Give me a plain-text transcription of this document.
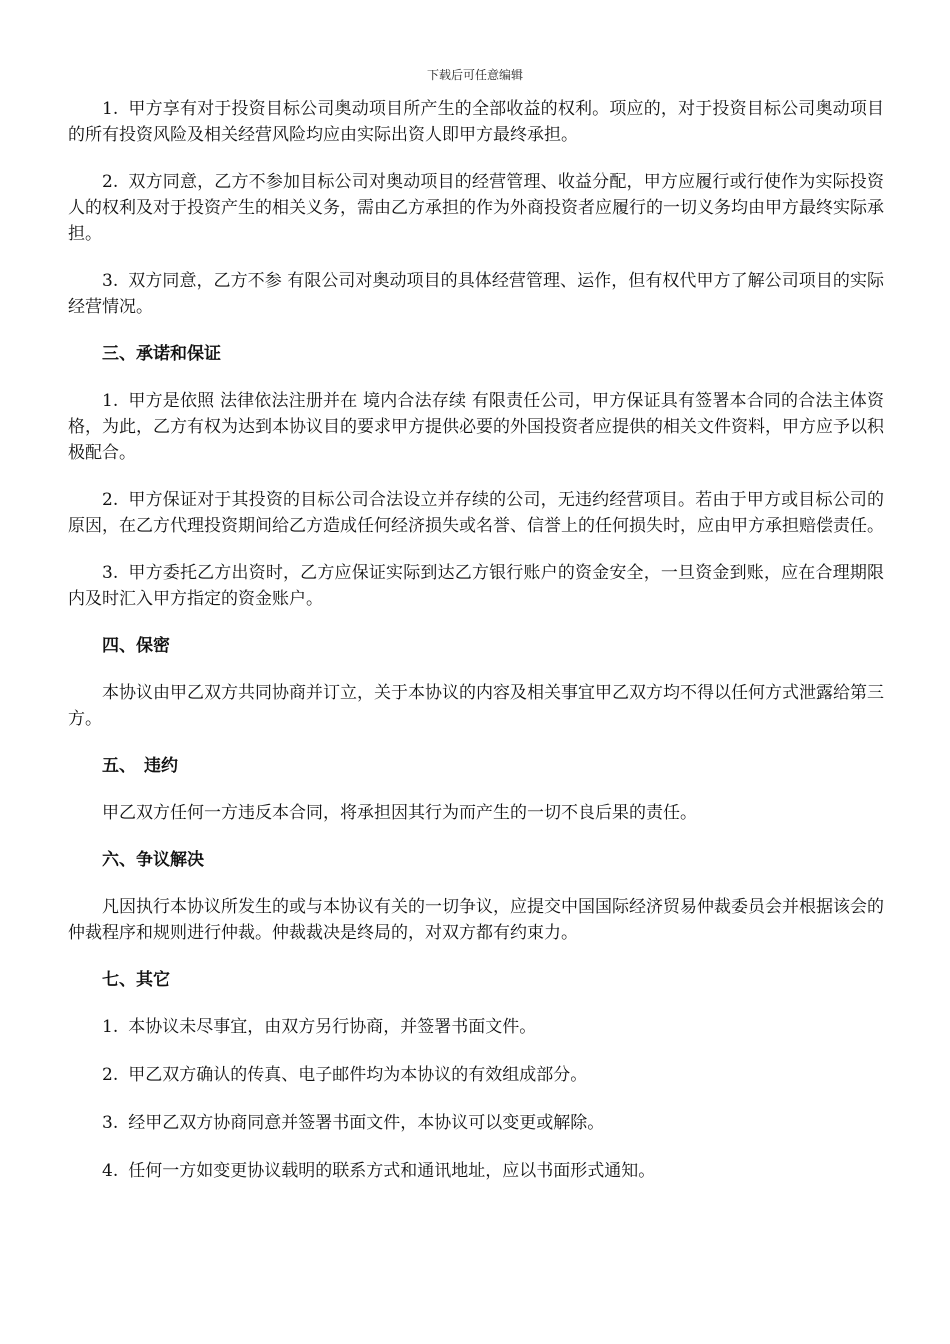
下载后可任意编辑

1. 甲方享有对于投资目标公司奥动项目所产生的全部收益的权利。项应的，对于投资目标公司奥动项目的所有投资风险及相关经营风险均应由实际出资人即甲方最终承担。

2. 双方同意，乙方不参加目标公司对奥动项目的经营管理、收益分配，甲方应履行或行使作为实际投资人的权利及对于投资产生的相关义务，需由乙方承担的作为外商投资者应履行的一切义务均由甲方最终实际承担。

3. 双方同意，乙方不参 有限公司对奥动项目的具体经营管理、运作，但有权代甲方了解公司项目的实际经营情况。

三、承诺和保证

1. 甲方是依照 法律依法注册并在 境内合法存续 有限责任公司，甲方保证具有签署本合同的合法主体资格，为此，乙方有权为达到本协议目的要求甲方提供必要的外国投资者应提供的相关文件资料，甲方应予以积极配合。

2. 甲方保证对于其投资的目标公司合法设立并存续的公司，无违约经营项目。若由于甲方或目标公司的原因，在乙方代理投资期间给乙方造成任何经济损失或名誉、信誉上的任何损失时，应由甲方承担赔偿责任。

3. 甲方委托乙方出资时，乙方应保证实际到达乙方银行账户的资金安全，一旦资金到账，应在合理期限内及时汇入甲方指定的资金账户。

四、保密

本协议由甲乙双方共同协商并订立，关于本协议的内容及相关事宜甲乙双方均不得以任何方式泄露给第三方。

五、 违约

甲乙双方任何一方违反本合同，将承担因其行为而产生的一切不良后果的责任。

六、争议解决

凡因执行本协议所发生的或与本协议有关的一切争议，应提交中国国际经济贸易仲裁委员会并根据该会的仲裁程序和规则进行仲裁。仲裁裁决是终局的，对双方都有约束力。

七、其它

1. 本协议未尽事宜，由双方另行协商，并签署书面文件。

2. 甲乙双方确认的传真、电子邮件均为本协议的有效组成部分。

3. 经甲乙双方协商同意并签署书面文件，本协议可以变更或解除。

4. 任何一方如变更协议载明的联系方式和通讯地址，应以书面形式通知。
